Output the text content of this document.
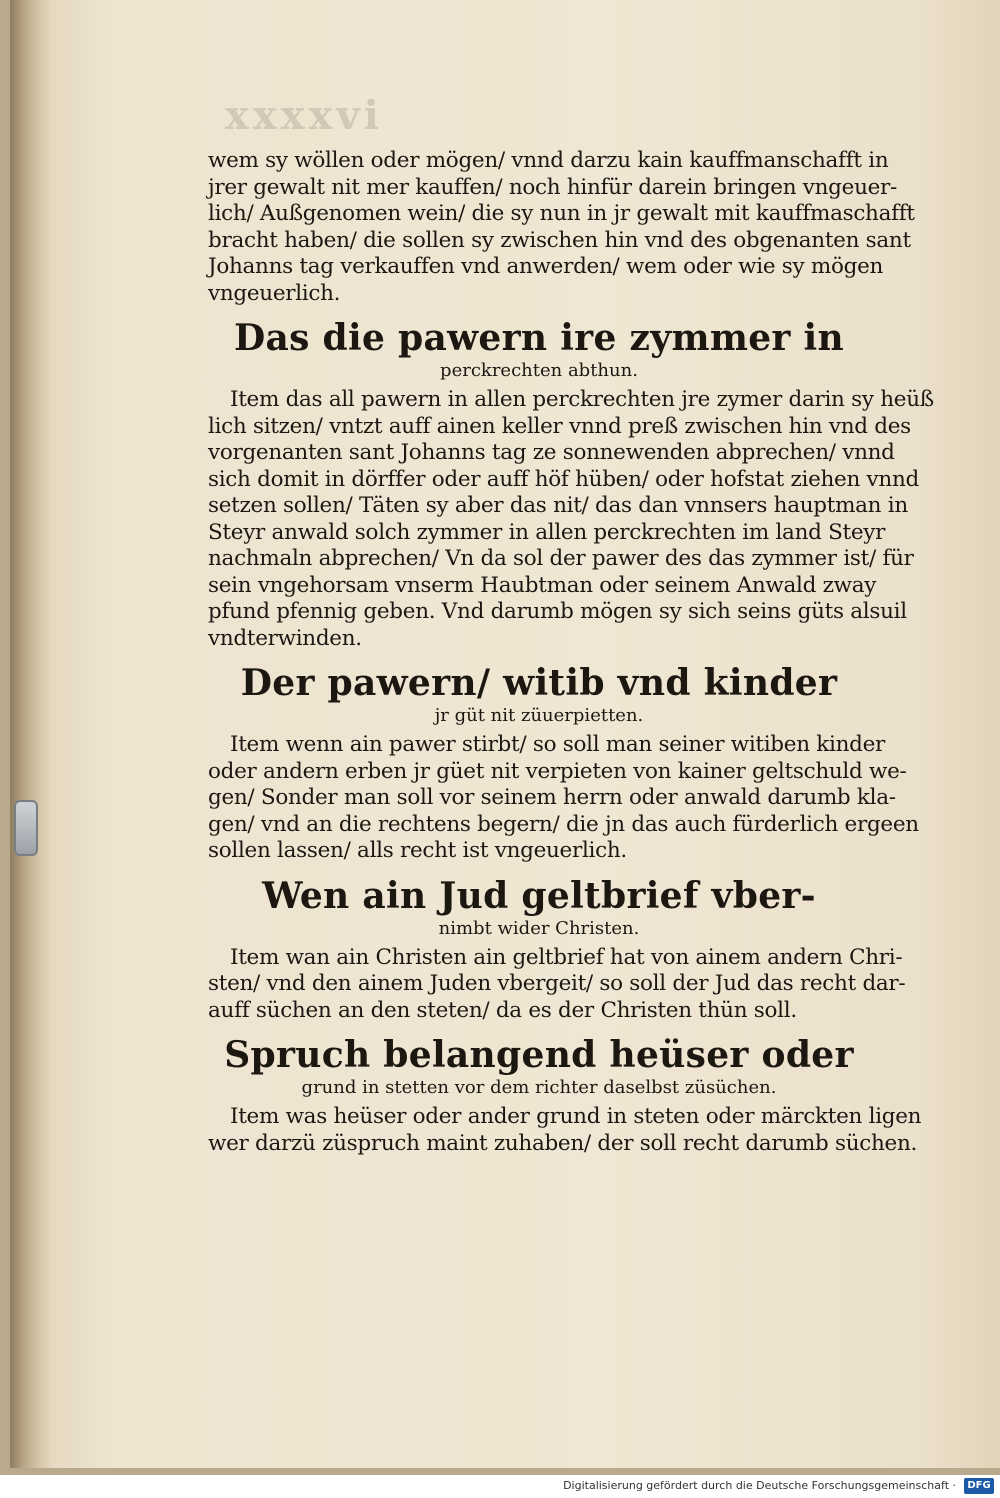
xxxxvi
wem sy wöllen oder mögen/ vnnd darzu kain kauffmanschafft in
jrer gewalt nit mer kauffen/ noch hinfür darein bringen vngeuer-
lich/ Außgenomen wein/ die sy nun in jr gewalt mit kauffmaschafft
bracht haben/ die sollen sy zwischen hin vnd des obgenanten sant
Johanns tag verkauffen vnd anwerden/ wem oder wie sy mögen
vngeuerlich.
Das die pawern ire zymmer in
perckrechten abthun.
Item das all pawern in allen perckrechten jre zymer darin sy heüß
lich sitzen/ vntzt auff ainen keller vnnd preß zwischen hin vnd des
vorgenanten sant Johanns tag ze sonnewenden abprechen/ vnnd
sich domit in dörffer oder auff höf hüben/ oder hofstat ziehen vnnd
setzen sollen/ Täten sy aber das nit/ das dan vnnsers hauptman in
Steyr anwald solch zymmer in allen perckrechten im land Steyr
nachmaln abprechen/ Vn da sol der pawer des das zymmer ist/ für
sein vngehorsam vnserm Haubtman oder seinem Anwald zway
pfund pfennig geben. Vnd darumb mögen sy sich seins güts alsuil
vndterwinden.
Der pawern/ witib vnd kinder
jr güt nit züuerpietten.
Item wenn ain pawer stirbt/ so soll man seiner witiben kinder
oder andern erben jr güet nit verpieten von kainer geltschuld we-
gen/ Sonder man soll vor seinem herrn oder anwald darumb kla-
gen/ vnd an die rechtens begern/ die jn das auch fürderlich ergeen
sollen lassen/ alls recht ist vngeuerlich.
Wen ain Jud geltbrief vber-
nimbt wider Christen.
Item wan ain Christen ain geltbrief hat von ainem andern Chri-
sten/ vnd den ainem Juden vbergeit/ so soll der Jud das recht dar-
auff süchen an den steten/ da es der Christen thün soll.
Spruch belangend heüser oder
grund in stetten vor dem richter daselbst züsüchen.
Item was heüser oder ander grund in steten oder märckten ligen
wer darzü züspruch maint zuhaben/ der soll recht darumb süchen.
Digitalisierung gefördert durch die Deutsche Forschungsgemeinschaft ·	DFG
